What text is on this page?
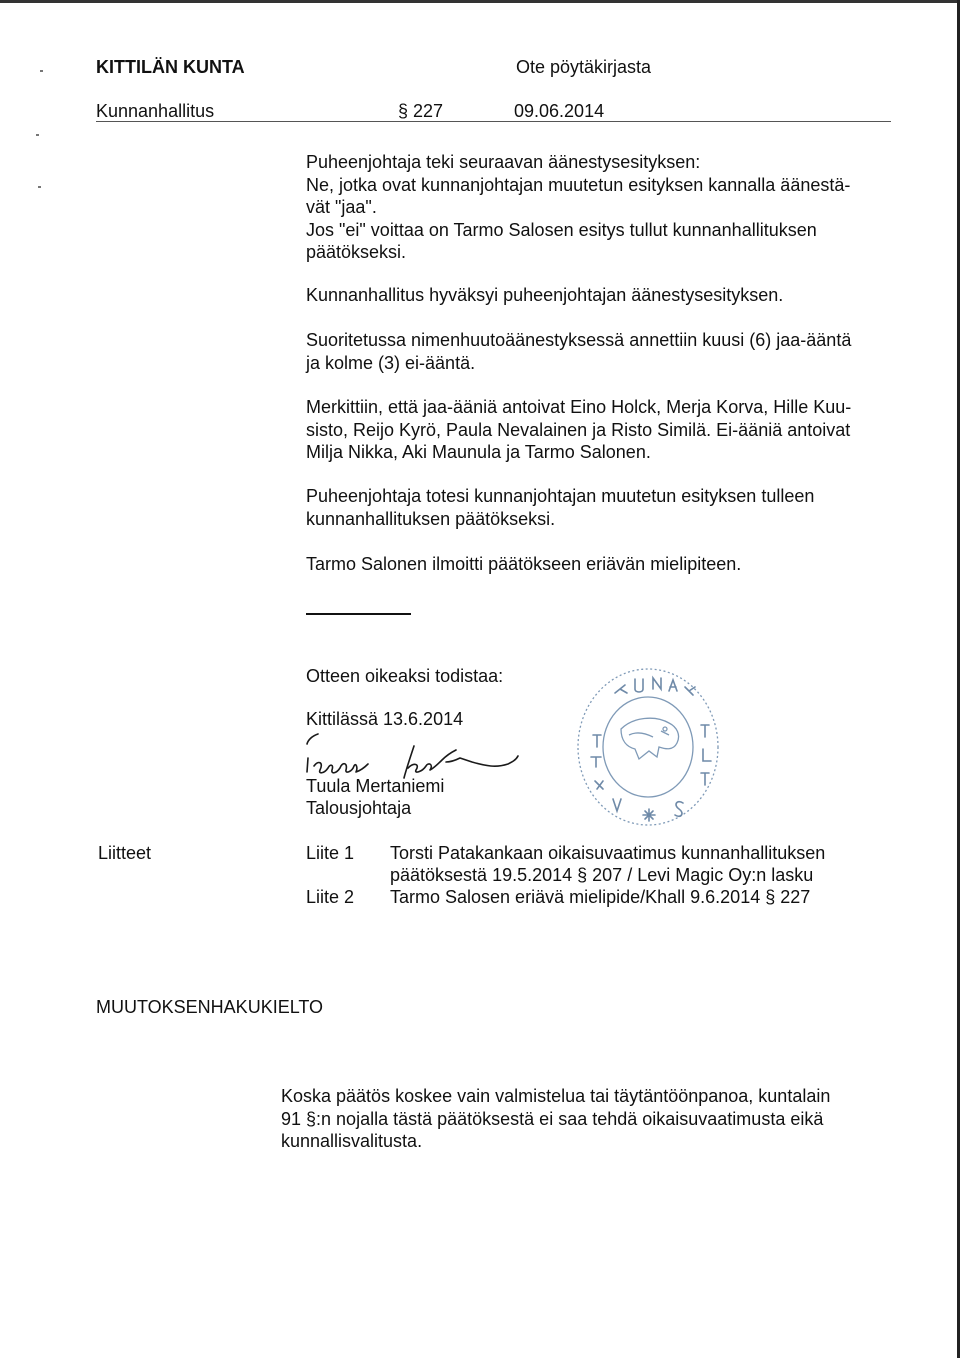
KITTILÄN KUNTA	Ote pöytäkirjasta
Kunnanhallitus	§ 227	09.06.2014
Puheenjohtaja teki seuraavan äänestysesityksen:
Ne, jotka ovat kunnanjohtajan muutetun esityksen kannalla äänestä-
vät "jaa".
Jos "ei" voittaa on Tarmo Salosen esitys tullut kunnanhallituksen
päätökseksi.
Kunnanhallitus hyväksyi puheenjohtajan äänestysesityksen.
Suoritetussa nimenhuutoäänestyksessä annettiin kuusi (6) jaa-ääntä
ja kolme (3) ei-ääntä.
Merkittiin, että jaa-ääniä antoivat Eino Holck, Merja Korva, Hille Kuu-
sisto, Reijo Kyrö, Paula Nevalainen ja Risto Similä. Ei-ääniä antoivat
Milja Nikka, Aki Maunula ja Tarmo Salonen.
Puheenjohtaja totesi kunnanjohtajan muutetun esityksen tulleen
kunnanhallituksen päätökseksi.
Tarmo Salonen ilmoitti päätökseen eriävän mielipiteen.
Otteen oikeaksi todistaa:
Kittilässä 13.6.2014
Tuula Mertaniemi
Talousjohtaja
Liitteet	Liite 1 Torsti Patakankaan oikaisuvaatimus kunnanhallituksen
päätöksestä 19.5.2014 § 207 / Levi Magic Oy:n lasku
Liite 2 Tarmo Salosen eriävä mielipide/Khall 9.6.2014 § 227
MUUTOKSENHAKUKIELTO
Koska päätös koskee vain valmistelua tai täytäntöönpanoa, kuntalain
91 §:n nojalla tästä päätöksestä ei saa tehdä oikaisuvaatimusta eikä
kunnallisvalitusta.
